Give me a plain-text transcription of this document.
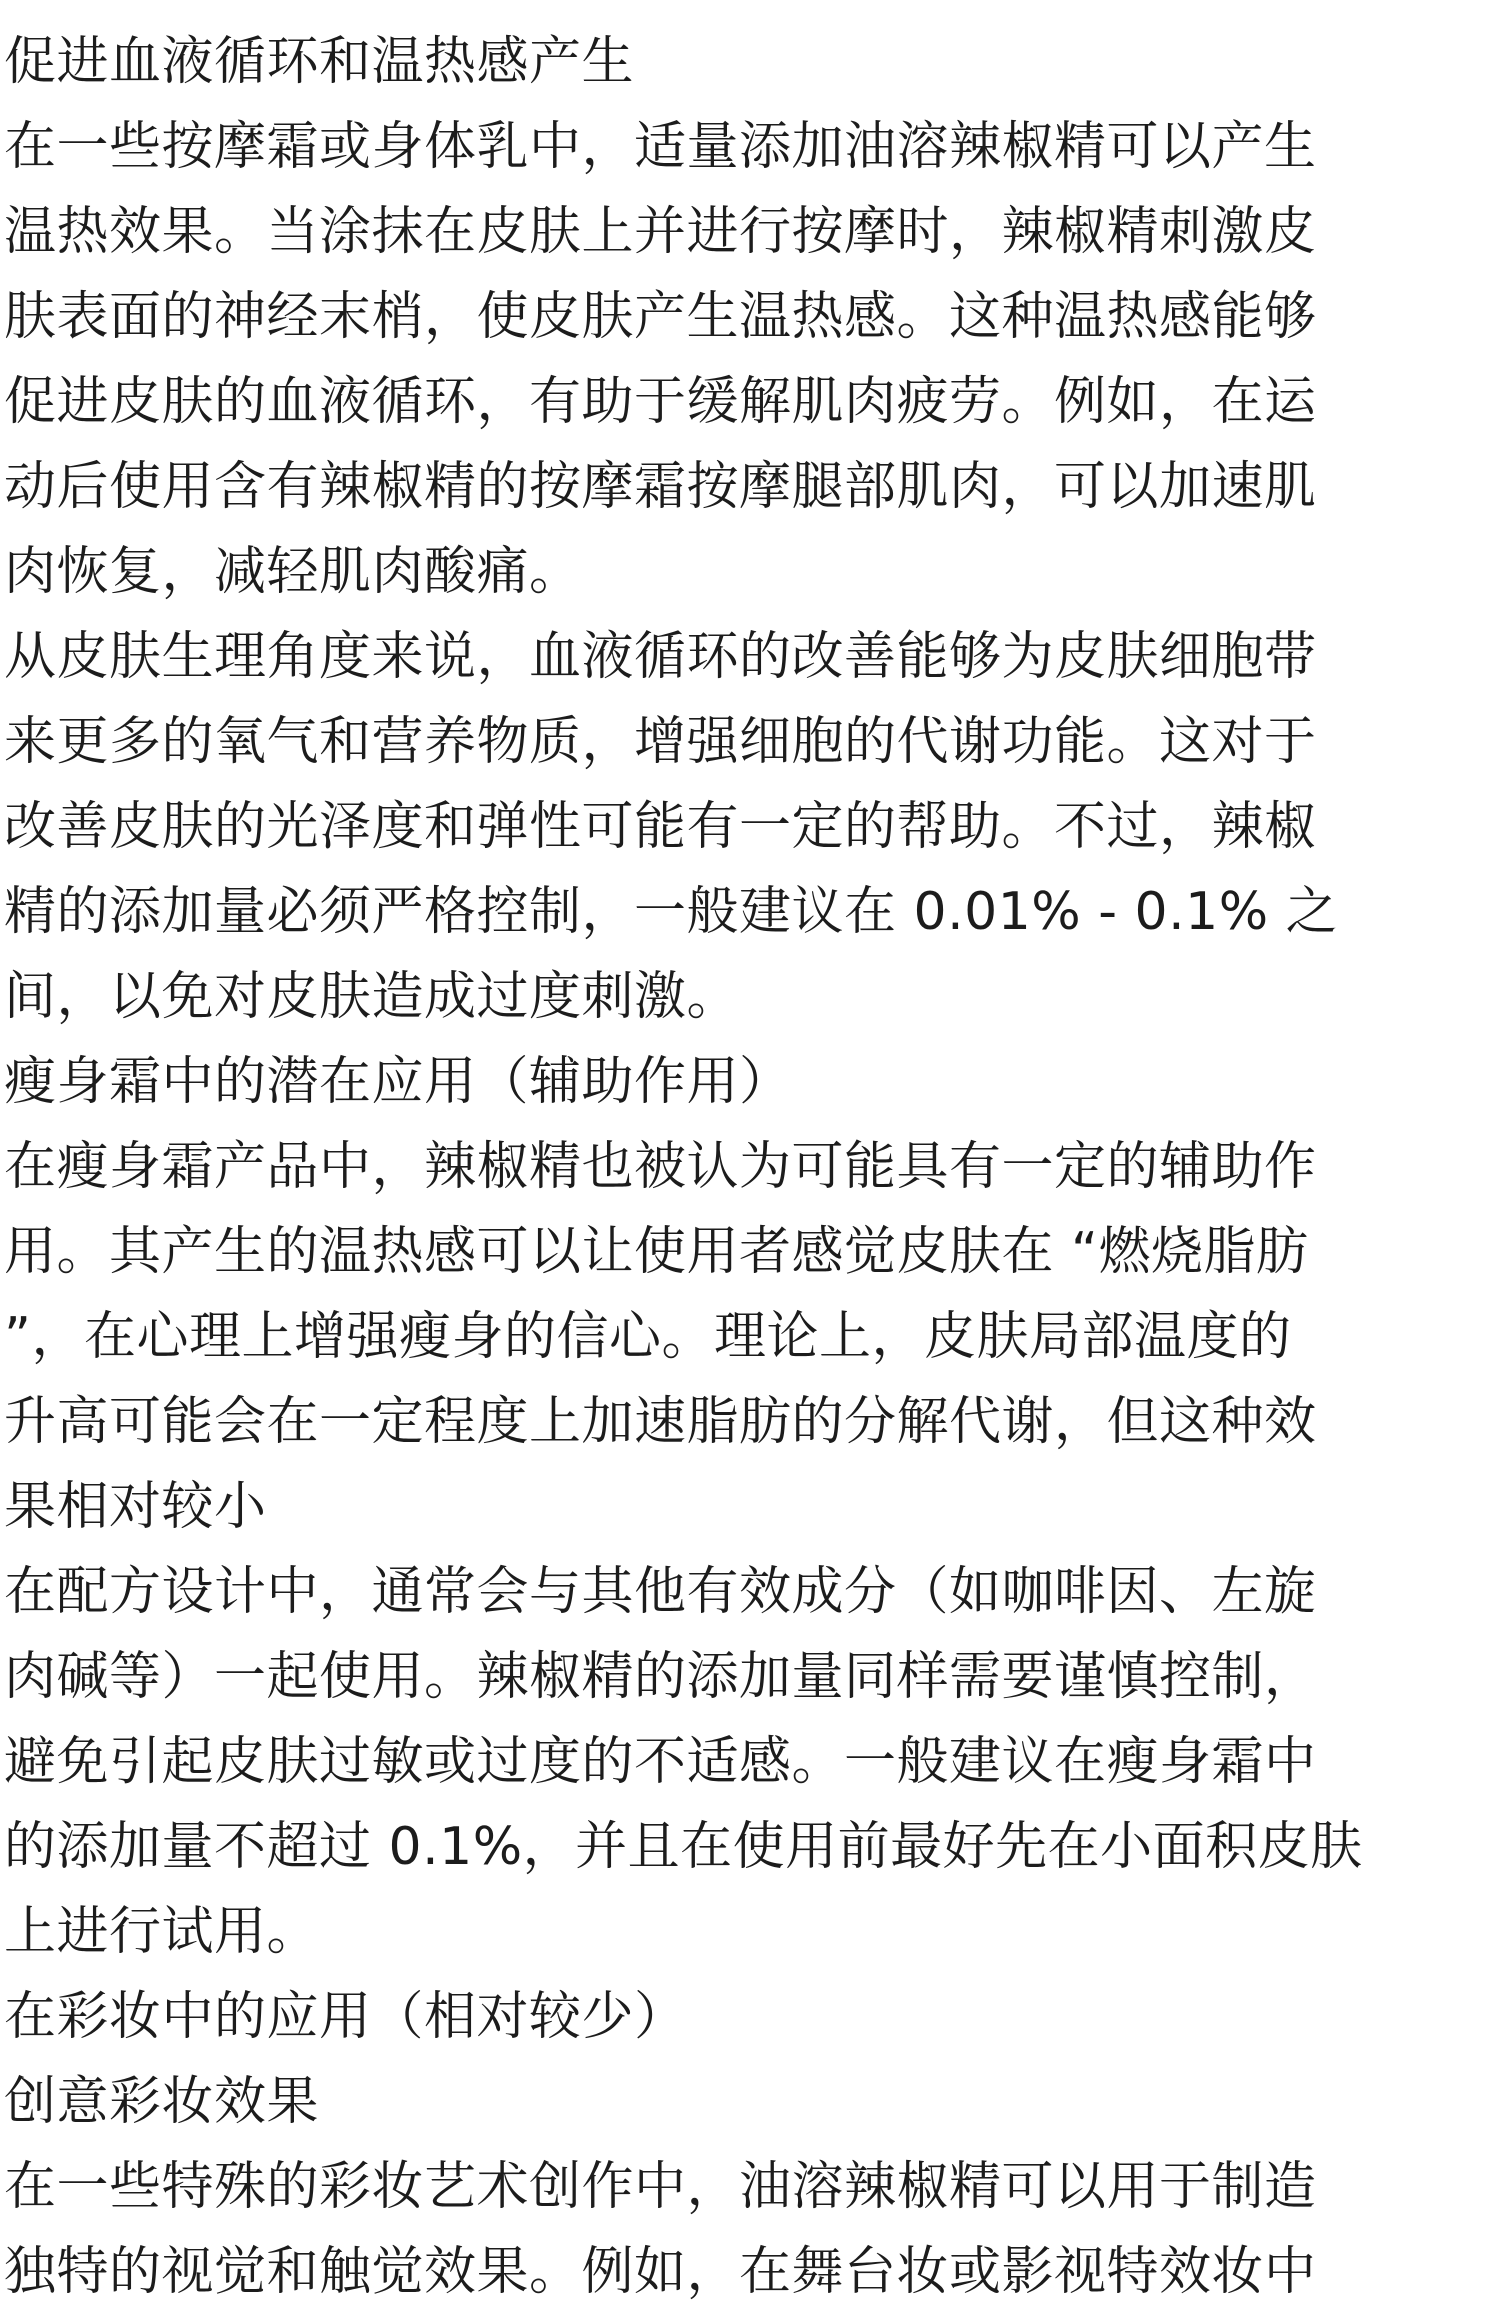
促进血液循环和温热感产生
在一些按摩霜或身体乳中，适量添加油溶辣椒精可以产生
温热效果。当涂抹在皮肤上并进行按摩时，辣椒精刺激皮
肤表面的神经末梢，使皮肤产生温热感。这种温热感能够
促进皮肤的血液循环，有助于缓解肌肉疲劳。例如，在运
动后使用含有辣椒精的按摩霜按摩腿部肌肉，可以加速肌
肉恢复，减轻肌肉酸痛。
从皮肤生理角度来说，血液循环的改善能够为皮肤细胞带
来更多的氧气和营养物质，增强细胞的代谢功能。这对于
改善皮肤的光泽度和弹性可能有一定的帮助。不过，辣椒
精的添加量必须严格控制，一般建议在 0.01% - 0.1% 之
间，以免对皮肤造成过度刺激。
瘦身霜中的潜在应用（辅助作用）
在瘦身霜产品中，辣椒精也被认为可能具有一定的辅助作
用。其产生的温热感可以让使用者感觉皮肤在 “燃烧脂肪
”，在心理上增强瘦身的信心。理论上，皮肤局部温度的
升高可能会在一定程度上加速脂肪的分解代谢，但这种效
果相对较小
在配方设计中，通常会与其他有效成分（如咖啡因、左旋
肉碱等）一起使用。辣椒精的添加量同样需要谨慎控制，
避免引起皮肤过敏或过度的不适感。一般建议在瘦身霜中
的添加量不超过 0.1%，并且在使用前最好先在小面积皮肤
上进行试用。
在彩妆中的应用（相对较少）
创意彩妆效果
在一些特殊的彩妆艺术创作中，油溶辣椒精可以用于制造
独特的视觉和触觉效果。例如，在舞台妆或影视特效妆中
